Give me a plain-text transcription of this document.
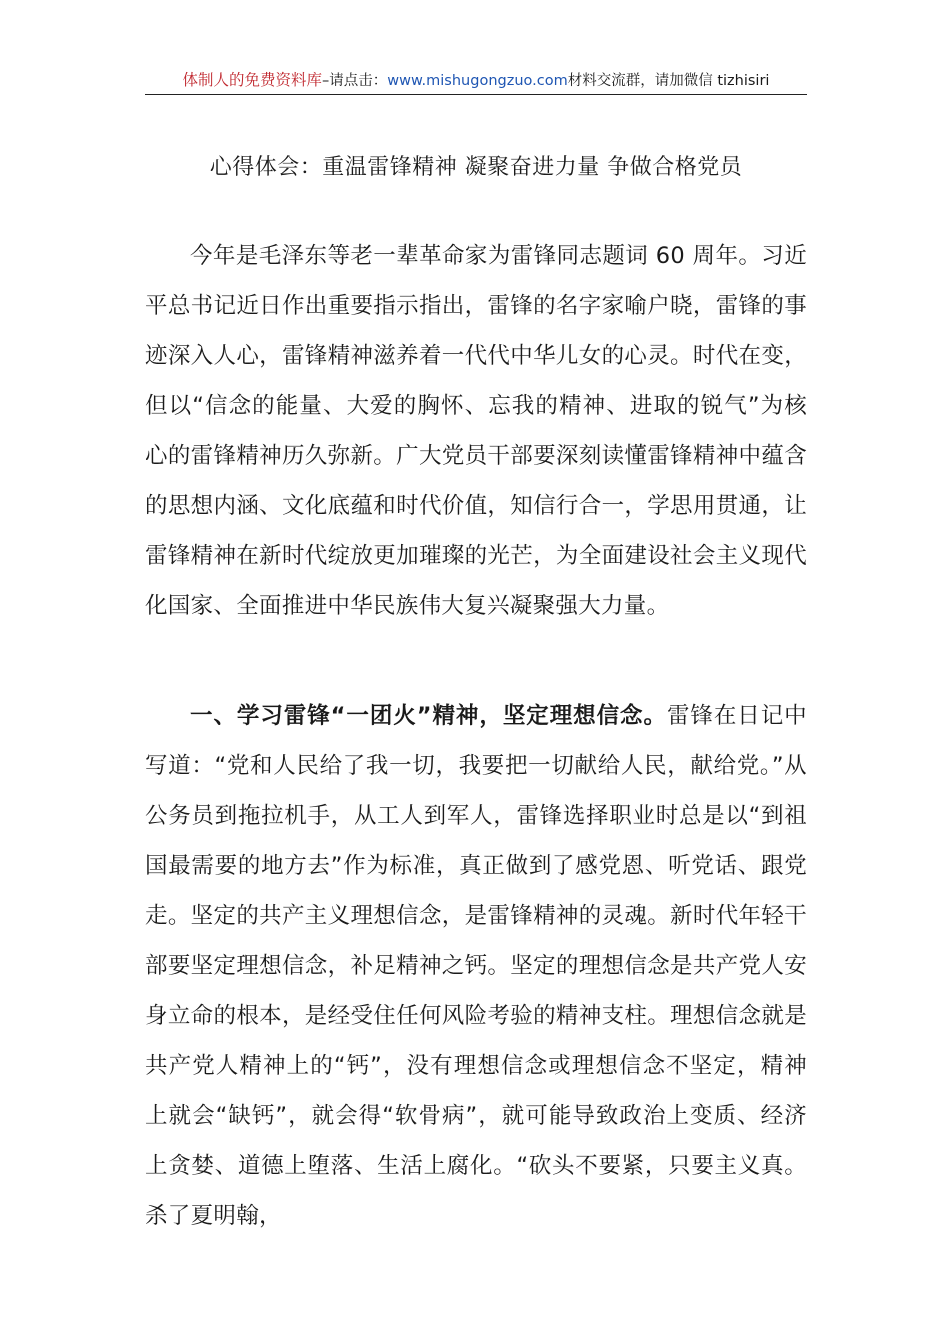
体制人的免费资料库–请点击：www.mishugongzuo.com材料交流群，请加微信 tizhisiri
心得体会：重温雷锋精神 凝聚奋进力量 争做合格党员

今年是毛泽东等老一辈革命家为雷锋同志题词 60 周年。习近平总书记近日作出重要指示指出，雷锋的名字家喻户晓，雷锋的事迹深入人心，雷锋精神滋养着一代代中华儿女的心灵。时代在变，但以“信念的能量、大爱的胸怀、忘我的精神、进取的锐气”为核心的雷锋精神历久弥新。广大党员干部要深刻读懂雷锋精神中蕴含的思想内涵、文化底蕴和时代价值，知信行合一，学思用贯通，让雷锋精神在新时代绽放更加璀璨的光芒，为全面建设社会主义现代化国家、全面推进中华民族伟大复兴凝聚强大力量。

一、学习雷锋“一团火”精神，坚定理想信念。雷锋在日记中写道：“党和人民给了我一切，我要把一切献给人民，献给党。”从公务员到拖拉机手，从工人到军人，雷锋选择职业时总是以“到祖国最需要的地方去”作为标准，真正做到了感党恩、听党话、跟党走。坚定的共产主义理想信念，是雷锋精神的灵魂。新时代年轻干部要坚定理想信念，补足精神之钙。坚定的理想信念是共产党人安身立命的根本，是经受住任何风险考验的精神支柱。理想信念就是共产党人精神上的“钙”，没有理想信念或理想信念不坚定，精神上就会“缺钙”，就会得“软骨病”，就可能导致政治上变质、经济上贪婪、道德上堕落、生活上腐化。“砍头不要紧，只要主义真。杀了夏明翰，
